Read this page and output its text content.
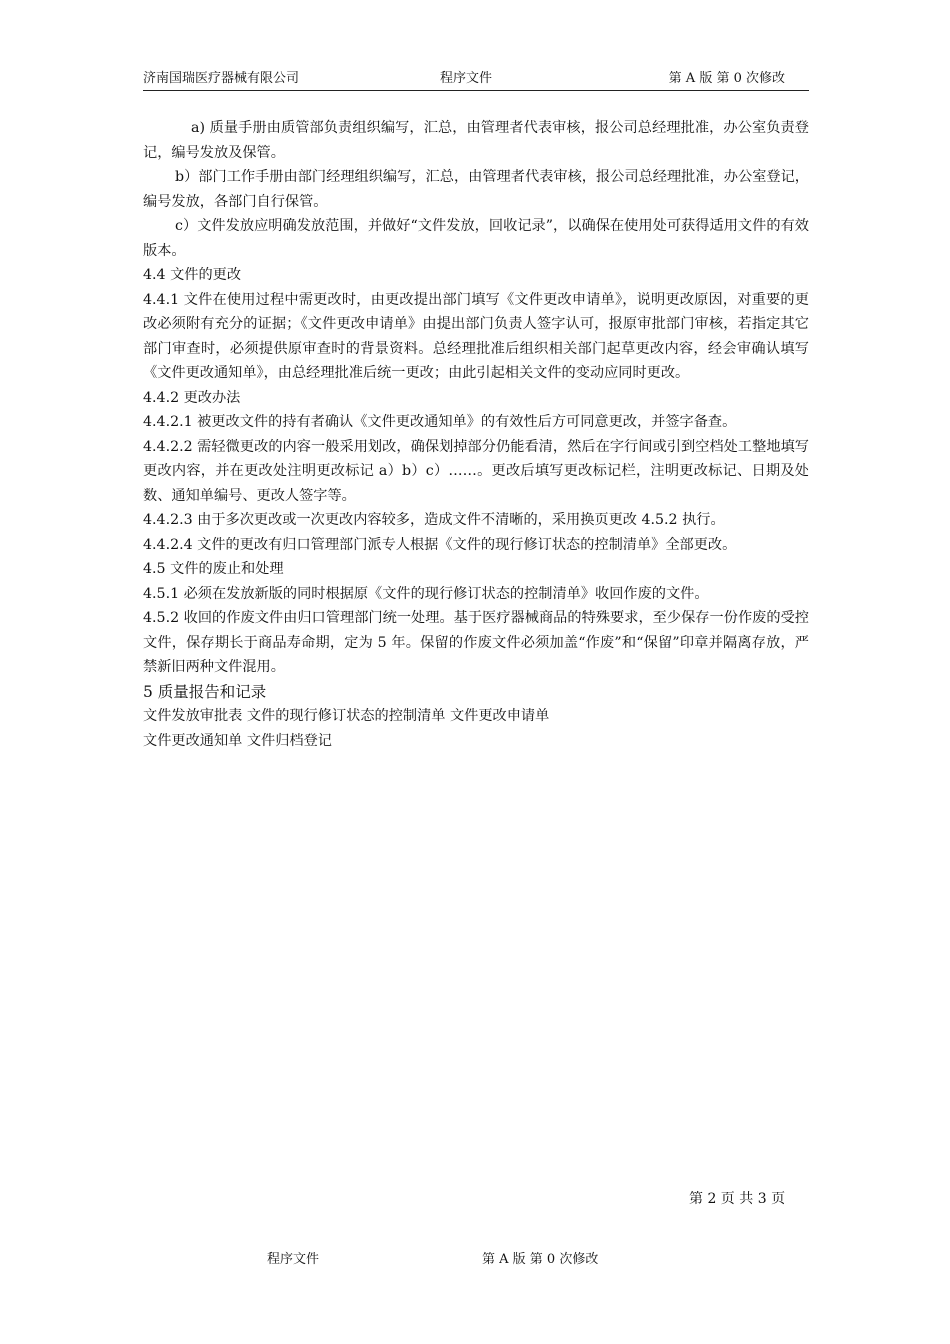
济南国瑞医疗器械有限公司	程序文件	第 A 版 第 0 次修改

a) 质量手册由质管部负责组织编写，汇总，由管理者代表审核，报公司总经理批准，办公室负责登记，编号发放及保管。

b）部门工作手册由部门经理组织编写，汇总，由管理者代表审核，报公司总经理批准，办公室登记，编号发放，各部门自行保管。

c）文件发放应明确发放范围，并做好“文件发放，回收记录”，以确保在使用处可获得适用文件的有效版本。

4.4 文件的更改

4.4.1 文件在使用过程中需更改时，由更改提出部门填写《文件更改申请单》，说明更改原因，对重要的更改必须附有充分的证据；《文件更改申请单》由提出部门负责人签字认可，报原审批部门审核，若指定其它部门审查时，必须提供原审查时的背景资料。总经理批准后组织相关部门起草更改内容，经会审确认填写《文件更改通知单》，由总经理批准后统一更改；由此引起相关文件的变动应同时更改。

4.4.2 更改办法

4.4.2.1 被更改文件的持有者确认《文件更改通知单》的有效性后方可同意更改，并签字备查。

4.4.2.2 需轻微更改的内容一般采用划改，确保划掉部分仍能看清，然后在字行间或引到空档处工整地填写更改内容，并在更改处注明更改标记 a）b）c）……。更改后填写更改标记栏，注明更改标记、日期及处数、通知单编号、更改人签字等。

4.4.2.3 由于多次更改或一次更改内容较多，造成文件不清晰的，采用换页更改 4.5.2 执行。

4.4.2.4 文件的更改有归口管理部门派专人根据《文件的现行修订状态的控制清单》全部更改。

4.5 文件的废止和处理

4.5.1 必须在发放新版的同时根据原《文件的现行修订状态的控制清单》收回作废的文件。

4.5.2 收回的作废文件由归口管理部门统一处理。基于医疗器械商品的特殊要求，至少保存一份作废的受控文件，保存期长于商品寿命期，定为 5 年。保留的作废文件必须加盖“作废”和“保留”印章并隔离存放，严禁新旧两种文件混用。

5 质量报告和记录

文件发放审批表 文件的现行修订状态的控制清单 文件更改申请单

文件更改通知单 文件归档登记

第 2 页 共 3 页
程序文件	第 A 版 第 0 次修改
